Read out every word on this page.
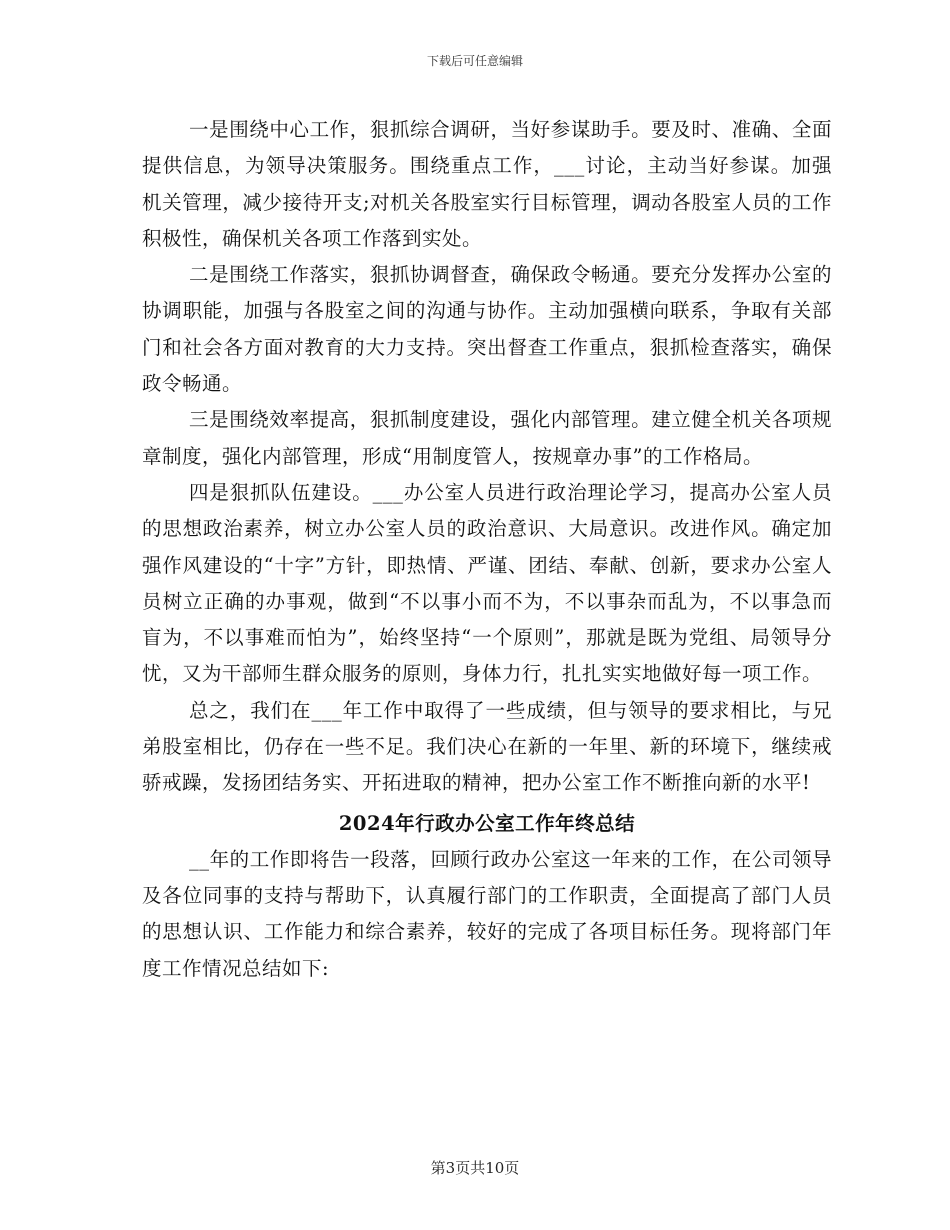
下载后可任意编辑

一是围绕中心工作，狠抓综合调研，当好参谋助手。要及时、准确、全面提供信息，为领导决策服务。围绕重点工作，___讨论，主动当好参谋。加强机关管理，减少接待开支;对机关各股室实行目标管理，调动各股室人员的工作积极性，确保机关各项工作落到实处。

二是围绕工作落实，狠抓协调督查，确保政令畅通。要充分发挥办公室的协调职能，加强与各股室之间的沟通与协作。主动加强横向联系，争取有关部门和社会各方面对教育的大力支持。突出督查工作重点，狠抓检查落实，确保政令畅通。

三是围绕效率提高，狠抓制度建设，强化内部管理。建立健全机关各项规章制度，强化内部管理，形成“用制度管人，按规章办事”的工作格局。

四是狠抓队伍建设。___办公室人员进行政治理论学习，提高办公室人员的思想政治素养，树立办公室人员的政治意识、大局意识。改进作风。确定加强作风建设的“十字”方针，即热情、严谨、团结、奉献、创新，要求办公室人员树立正确的办事观，做到“不以事小而不为，不以事杂而乱为，不以事急而盲为，不以事难而怕为”，始终坚持“一个原则”，那就是既为党组、局领导分忧，又为干部师生群众服务的原则，身体力行，扎扎实实地做好每一项工作。

总之，我们在___年工作中取得了一些成绩，但与领导的要求相比，与兄弟股室相比，仍存在一些不足。我们决心在新的一年里、新的环境下，继续戒骄戒躁，发扬团结务实、开拓进取的精神，把办公室工作不断推向新的水平!

2024年行政办公室工作年终总结

__年的工作即将告一段落，回顾行政办公室这一年来的工作，在公司领导及各位同事的支持与帮助下，认真履行部门的工作职责，全面提高了部门人员的思想认识、工作能力和综合素养，较好的完成了各项目标任务。现将部门年度工作情况总结如下:

第3页共10页
